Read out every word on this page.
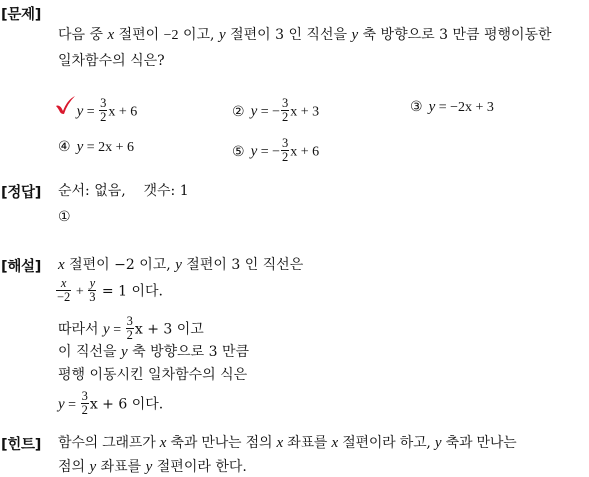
[문제]
다음 중 x 절편이 −2 이고, y 절편이 3 인 직선을 y 축 방향으로 3 만큼 평행이동한
일차함수의 식은?
$y = \frac{3}{2}$ x + 6	② y = − $\frac{3}{2}$ x + 3	③ y = −2x + 3
④ y = 2x + 6	⑤ y = − $\frac{3}{2}$ x + 6
[정답] 순서: 없음,    갯수: 1
①
[해설] x 절편이 −2 이고, y 절편이 3 인 직선은
$\frac{x}{-2} + \frac{y}{3} = 1$ 이다.
따라서 $y = \frac{3}{2}$ x + 3 이고
이 직선을 y 축 방향으로 3 만큼
평행 이동시킨 일차함수의 식은
$y = \frac{3}{2}$ x + 6 이다.
[힌트] 함수의 그래프가 x 축과 만나는 점의 x 좌표를 x 절편이라 하고, y 축과 만나는
점의 y 좌표를 y 절편이라 한다.
